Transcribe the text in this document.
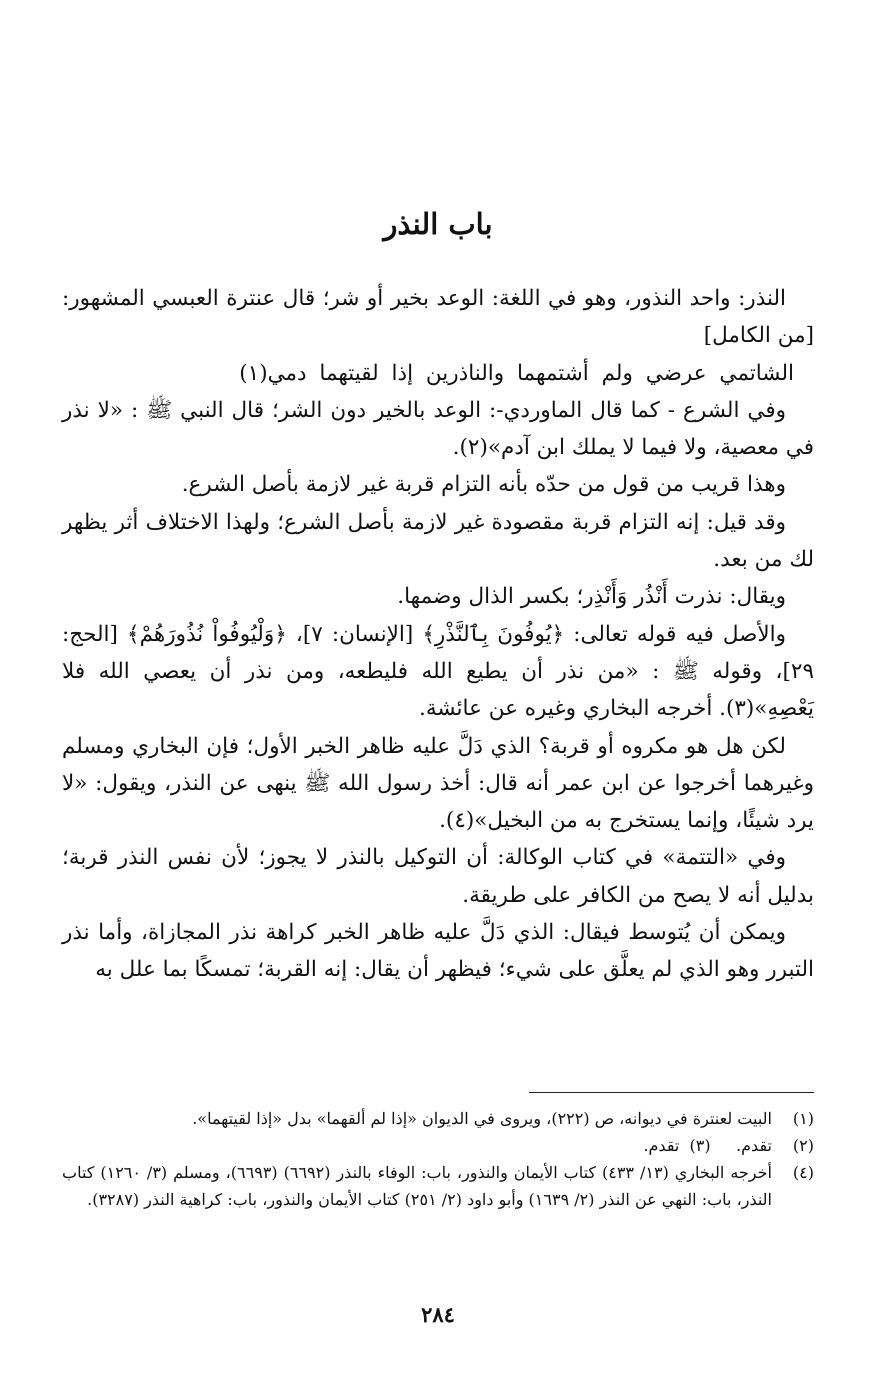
باب النذر

النذر: واحد النذور، وهو في اللغة: الوعد بخير أو شر؛ قال عنترة العبسي المشهور: [من الكامل]

الشاتمي عرضي ولم أشتمهما والناذرين إذا لقيتهما دمي(١)

وفي الشرع - كما قال الماوردي-: الوعد بالخير دون الشر؛ قال النبي ﷺ : «لا نذر في معصية، ولا فيما لا يملك ابن آدم»(٢).

وهذا قريب من قول من حدّه بأنه التزام قربة غير لازمة بأصل الشرع.

وقد قيل: إنه التزام قربة مقصودة غير لازمة بأصل الشرع؛ ولهذا الاختلاف أثر يظهر لك من بعد.

ويقال: نذرت أَنْذُر وَأَنْذِر؛ بكسر الذال وضمها.

والأصل فيه قوله تعالى: ﴿يُوفُونَ بِٱلنَّذْرِ﴾ [الإنسان: ٧]، ﴿وَلْيُوفُواْ نُذُورَهُمْ﴾ [الحج: ٢٩]، وقوله ﷺ : «من نذر أن يطيع الله فليطعه، ومن نذر أن يعصي الله فلا يَعْصِهِ»(٣). أخرجه البخاري وغيره عن عائشة.

لكن هل هو مكروه أو قربة؟ الذي دَلَّ عليه ظاهر الخبر الأول؛ فإن البخاري ومسلم وغيرهما أخرجوا عن ابن عمر أنه قال: أخذ رسول الله ﷺ ينهى عن النذر، ويقول: «لا يرد شيئًا، وإنما يستخرج به من البخيل»(٤).

وفي «التتمة» في كتاب الوكالة: أن التوكيل بالنذر لا يجوز؛ لأن نفس النذر قربة؛ بدليل أنه لا يصح من الكافر على طريقة.

ويمكن أن يُتوسط فيقال: الذي دَلَّ عليه ظاهر الخبر كراهة نذر المجازاة، وأما نذر التبرر وهو الذي لم يعلَّق على شيء؛ فيظهر أن يقال: إنه القربة؛ تمسكًا بما علل به

(١)
البيت لعنترة في ديوانه، ص (٢٢٢)، ويروى في الديوان «إذا لم ألقهما» بدل «إذا لقيتهما».
(٢)
تقدم.     (٣)  تقدم.
(٤)
أخرجه البخاري (١٣/ ٤٣٣) كتاب الأيمان والنذور، باب: الوفاء بالنذر (٦٦٩٢) (٦٦٩٣)، ومسلم (٣/ ١٢٦٠) كتاب النذر، باب: النهي عن النذر (٢/ ١٦٣٩) وأبو داود (٢/ ٢٥١) كتاب الأيمان والنذور، باب: كراهية النذر (٣٢٨٧).
٢٨٤
